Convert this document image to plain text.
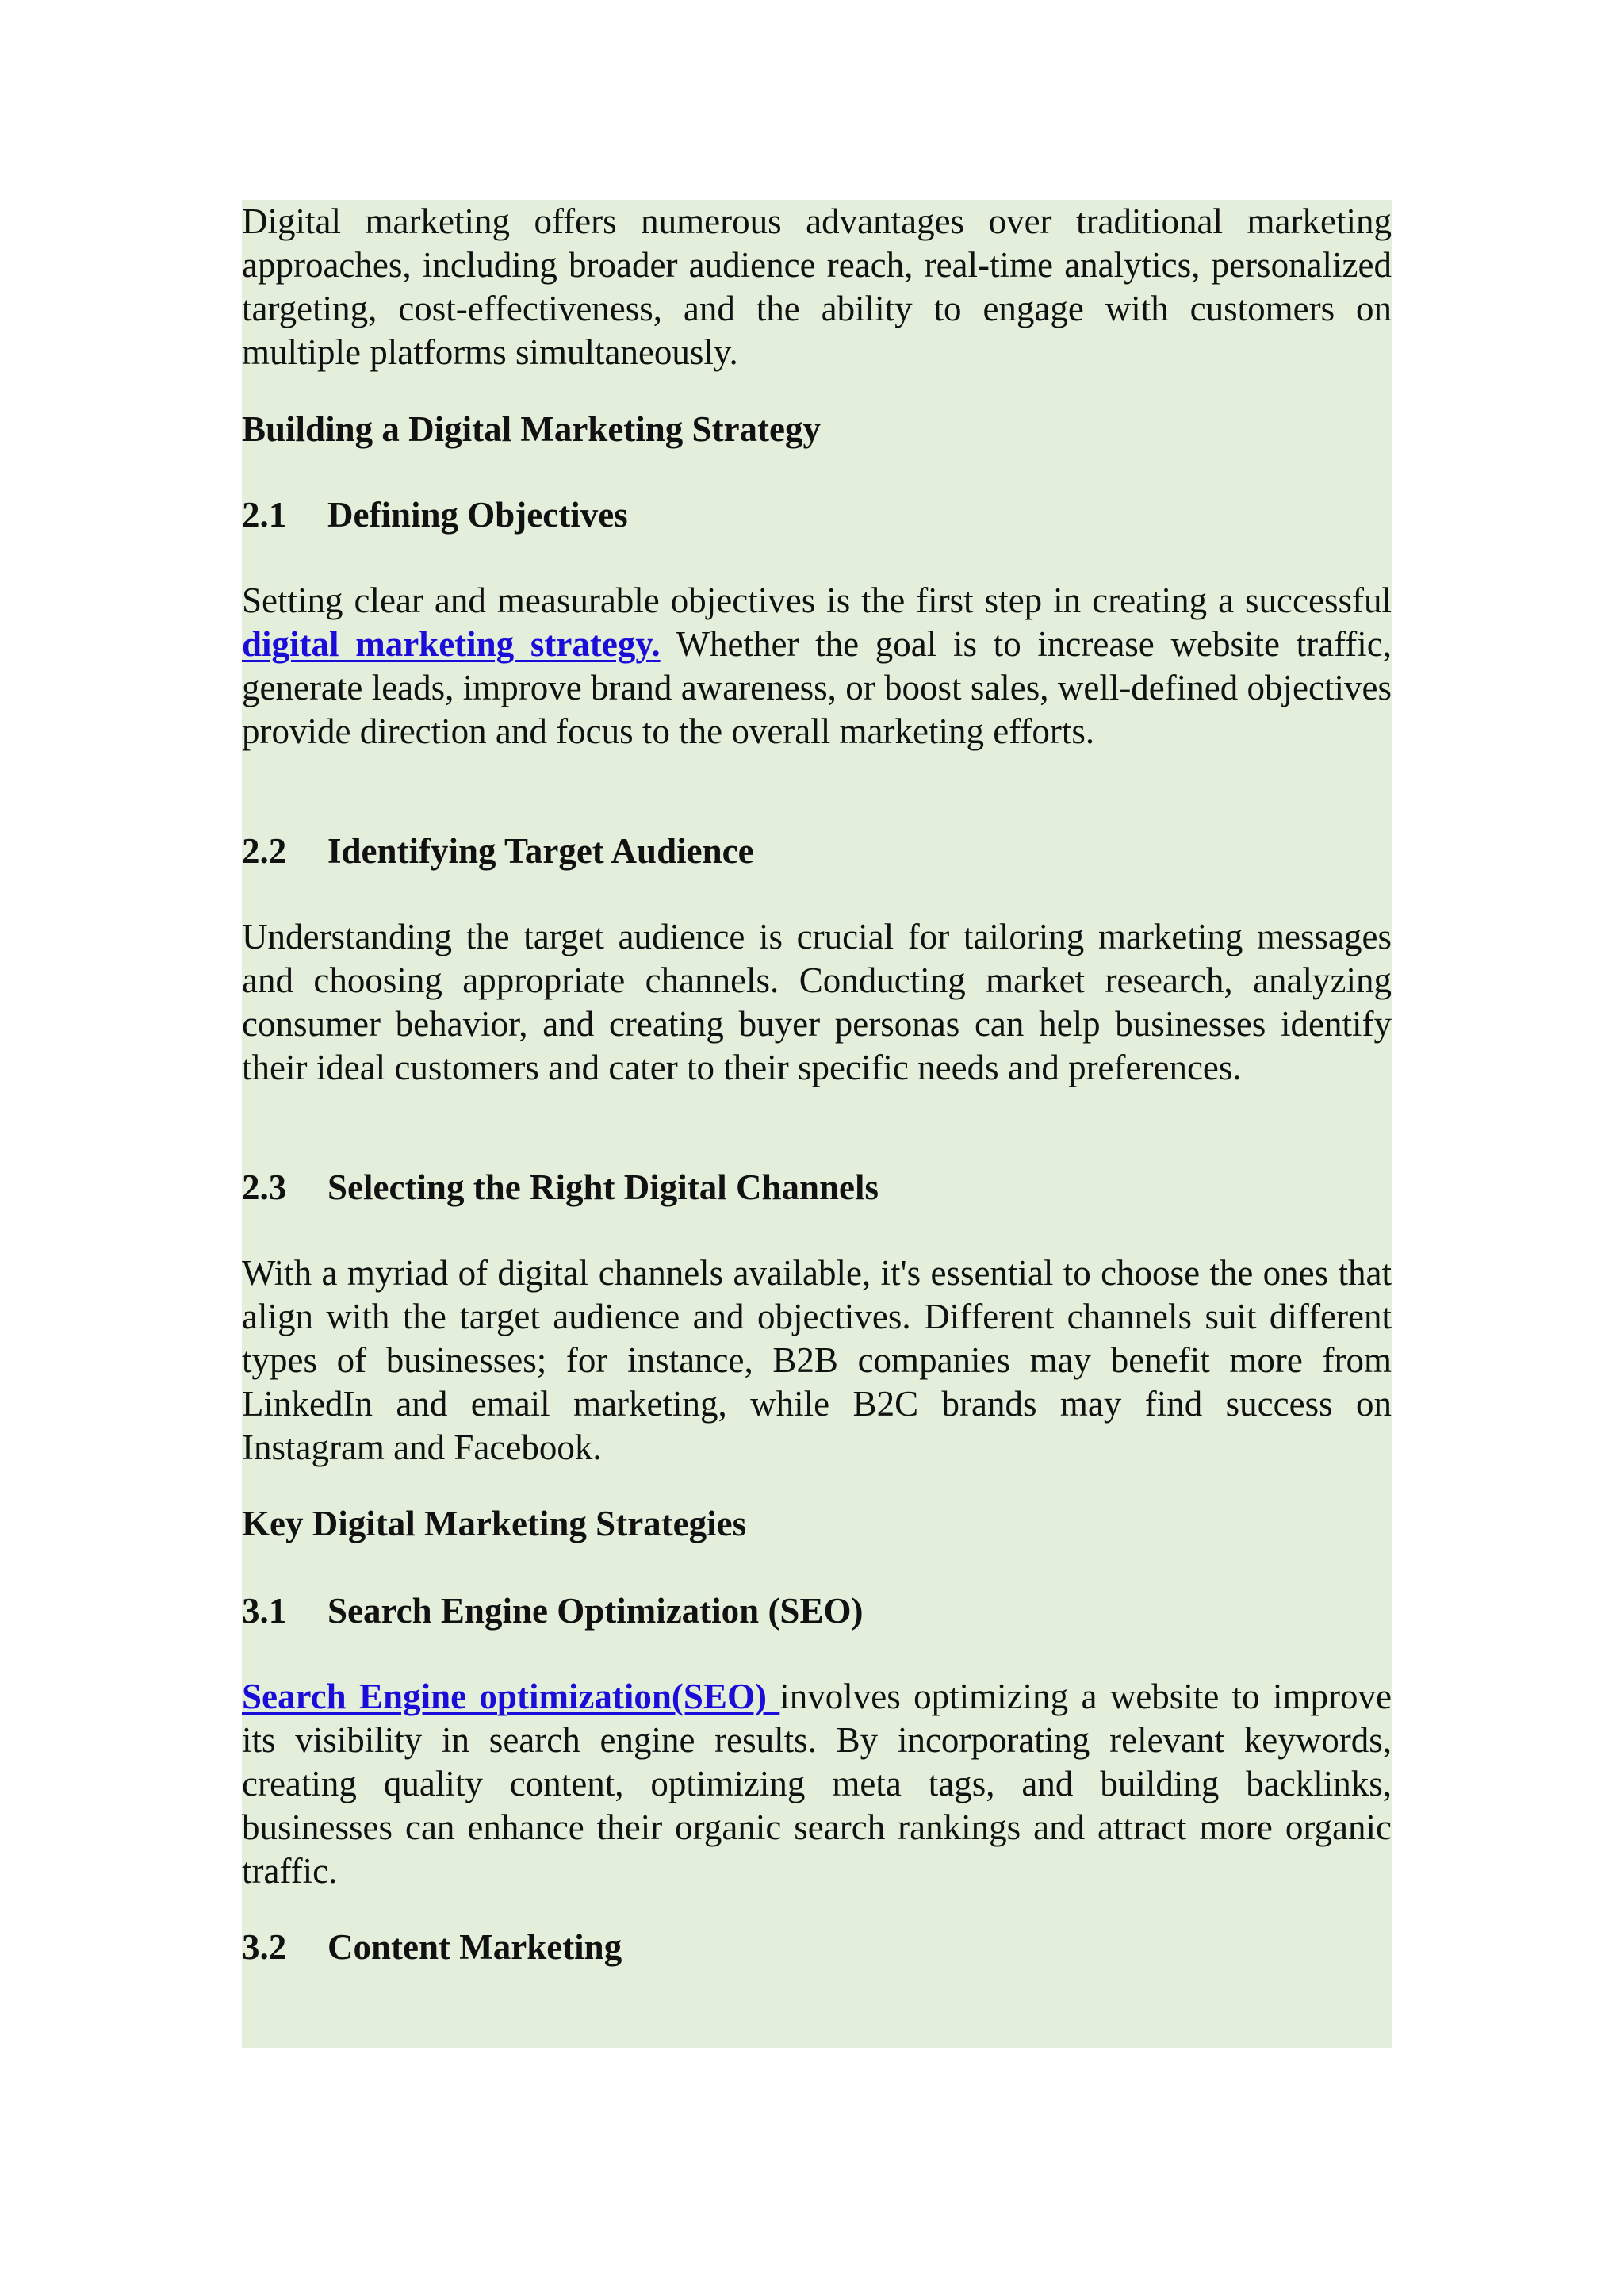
Digital marketing offers numerous advantages over traditional marketing approaches, including broader audience reach, real-time analytics, personalized targeting, cost-effectiveness, and the ability to engage with customers on multiple platforms simultaneously.

Building a Digital Marketing Strategy
2.1 Defining Objectives

Setting clear and measurable objectives is the first step in creating a successful digital marketing strategy. Whether the goal is to increase website traffic, generate leads, improve brand awareness, or boost sales, well-defined objectives provide direction and focus to the overall marketing efforts.

2.2 Identifying Target Audience

Understanding the target audience is crucial for tailoring marketing messages and choosing appropriate channels. Conducting market research, analyzing consumer behavior, and creating buyer personas can help businesses identify their ideal customers and cater to their specific needs and preferences.

2.3 Selecting the Right Digital Channels

With a myriad of digital channels available, it's essential to choose the ones that align with the target audience and objectives. Different channels suit different types of businesses; for instance, B2B companies may benefit more from LinkedIn and email marketing, while B2C brands may find success on Instagram and Facebook.

Key Digital Marketing Strategies
3.1 Search Engine Optimization (SEO)

Search Engine optimization(SEO) involves optimizing a website to improve its visibility in search engine results. By incorporating relevant keywords, creating quality content, optimizing meta tags, and building backlinks, businesses can enhance their organic search rankings and attract more organic traffic.

3.2 Content Marketing
